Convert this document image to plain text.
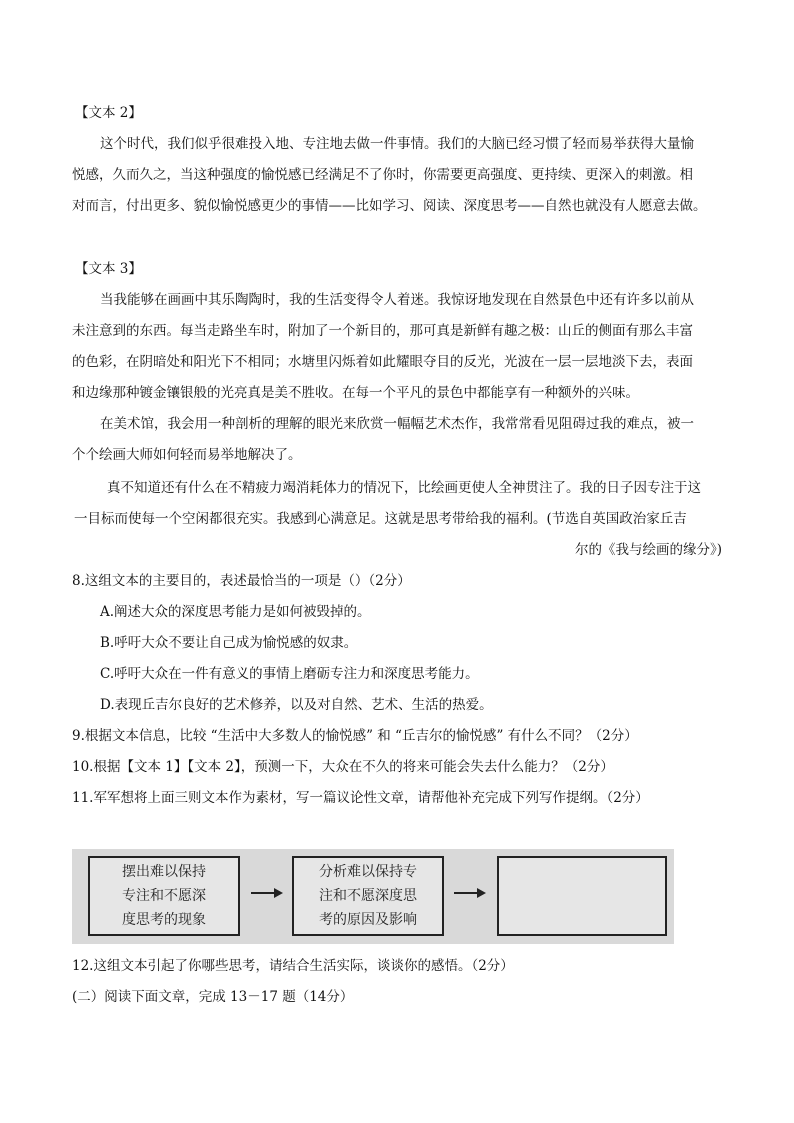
【文本 2】
这个时代，我们似乎很难投入地、专注地去做一件事情。我们的大脑已经习惯了轻而易举获得大量愉
悦感，久而久之，当这种强度的愉悦感已经满足不了你时，你需要更高强度、更持续、更深入的刺激。相
对而言，付出更多、貌似愉悦感更少的事情——比如学习、阅读、深度思考——自然也就没有人愿意去做。
【文本 3】
当我能够在画画中其乐陶陶时，我的生活变得令人着迷。我惊讶地发现在自然景色中还有许多以前从
未注意到的东西。每当走路坐车时，附加了一个新目的，那可真是新鲜有趣之极：山丘的侧面有那么丰富
的色彩，在阴暗处和阳光下不相同；水塘里闪烁着如此耀眼夺目的反光，光波在一层一层地淡下去，表面
和边缘那种镀金镶银般的光亮真是美不胜收。在每一个平凡的景色中都能享有一种额外的兴味。
在美术馆，我会用一种剖析的理解的眼光来欣赏一幅幅艺术杰作，我常常看见阻碍过我的难点，被一
个个绘画大师如何轻而易举地解决了。
真不知道还有什么在不精疲力竭消耗体力的情况下，比绘画更使人全神贯注了。我的日子因专注于这
一目标而使每一个空闲都很充实。我感到心满意足。这就是思考带给我的福利。(节选自英国政治家丘吉
尔的《我与绘画的缘分》)
8.这组文本的主要目的，表述最恰当的一项是（）（2分）
A.阐述大众的深度思考能力是如何被毁掉的。
B.呼吁大众不要让自己成为愉悦感的奴隶。
C.呼吁大众在一件有意义的事情上磨砺专注力和深度思考能力。
D.表现丘吉尔良好的艺术修养，以及对自然、艺术、生活的热爱。
9.根据文本信息，比较 “生活中大多数人的愉悦感” 和 “丘吉尔的愉悦感” 有什么不同？（2分）
10.根据【文本 1】【文本 2】，预测一下，大众在不久的将来可能会失去什么能力？（2分）
11.军军想将上面三则文本作为素材，写一篇议论性文章，请帮他补充完成下列写作提纲。（2分）
摆出难以保持
专注和不愿深
度思考的现象
分析难以保持专
注和不愿深度思
考的原因及影响
12.这组文本引起了你哪些思考，请结合生活实际，谈谈你的感悟。（2分）
(二）阅读下面文章，完成 13－17 题（14分）
